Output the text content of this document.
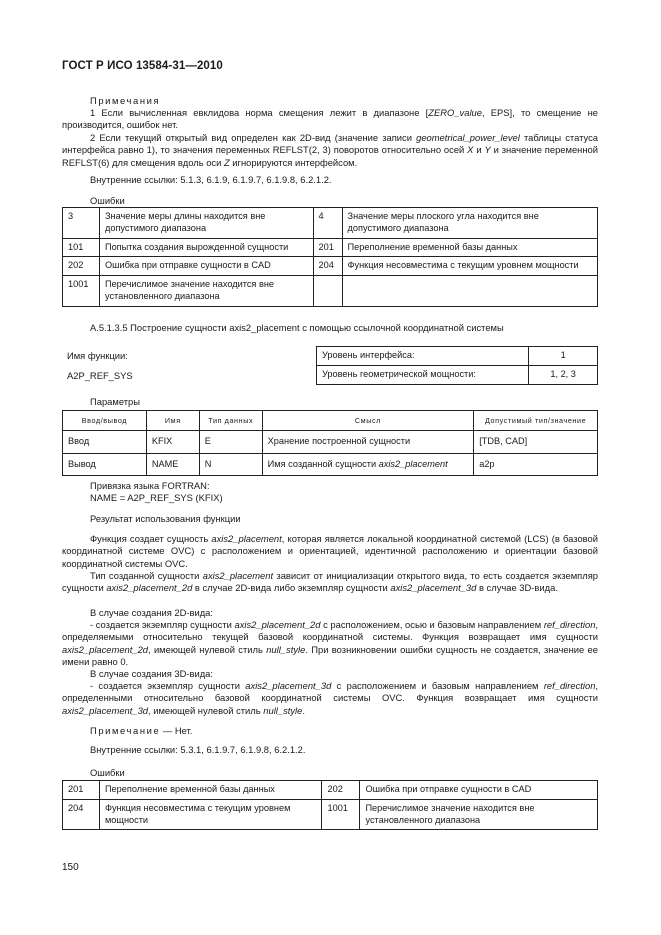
ГОСТ Р ИСО 13584-31—2010
Примечания
1 Если вычисленная евклидова норма смещения лежит в диапазоне [ZERO_value, EPS], то смещение не производится, ошибок нет.
2 Если текущий открытый вид определен как 2D-вид (значение записи geometrical_power_level таблицы статуса интерфейса равно 1), то значения переменных REFLST(2, 3) поворотов относительно осей X и Y и значение переменной REFLST(6) для смещения вдоль оси Z игнорируются интерфейсом.
Внутренние ссылки: 5.1.3, 6.1.9, 6.1.9.7, 6.1.9.8, 6.2.1.2.
Ошибки
3	Значение меры длины находится вне допустимого диапазона	4	Значение меры плоского угла находится вне допустимого диапазона
101	Попытка создания вырожденной сущности	201	Переполнение временной базы данных
202	Ошибка при отправке сущности в CAD	204	Функция несовместима с текущим уровнем мощности
1001	Перечислимое значение находится вне установленного диапазона		
А.5.1.3.5 Построение сущности axis2_placement с помощью ссылочной координатной системы
Имя функции:
A2P_REF_SYS
Уровень интерфейса:	1
Уровень геометрической мощности:	1, 2, 3
Параметры
Ввод/вывод	Имя	Тип данных	Смысл	Допустимый тип/значение
Ввод	KFIX	E	Хранение построенной сущности	[TDB, CAD]
Вывод	NAME	N	Имя созданной сущности axis2_placement	a2p
Привязка языка FORTRAN:
NAME = A2P_REF_SYS (KFIX)
Результат использования функции
Функция создает сущность axis2_placement, которая является локальной координатной системой (LCS) (в базовой координатной системе OVC) с расположением и ориентацией, идентичной расположению и ориентации базовой координатной системы OVC.
Тип созданной сущности axis2_placement зависит от инициализации открытого вида, то есть создается экземпляр сущности axis2_placement_2d в случае 2D-вида либо экземпляр сущности axis2_placement_3d в случае 3D-вида.
В случае создания 2D-вида:
- создается экземпляр сущности axis2_placement_2d с расположением, осью и базовым направлением ref_direction, определяемыми относительно текущей базовой координатной системы. Функция возвращает имя сущности axis2_placement_2d, имеющей нулевой стиль null_style. При возникновении ошибки сущность не создается, значение ее имени равно 0.
В случае создания 3D-вида:
- создается экземпляр сущности axis2_placement_3d с расположением и базовым направлением ref_direction, определенными относительно базовой координатной системы OVC. Функция возвращает имя сущности axis2_placement_3d, имеющей нулевой стиль null_style.
Примечание — Нет.
Внутренние ссылки: 5.3.1, 6.1.9.7, 6.1.9.8, 6.2.1.2.
Ошибки
201	Переполнение временной базы данных	202	Ошибка при отправке сущности в CAD
204	Функция несовместима с текущим уровнем мощности	1001	Перечислимое значение находится вне установленного диапазона
150
